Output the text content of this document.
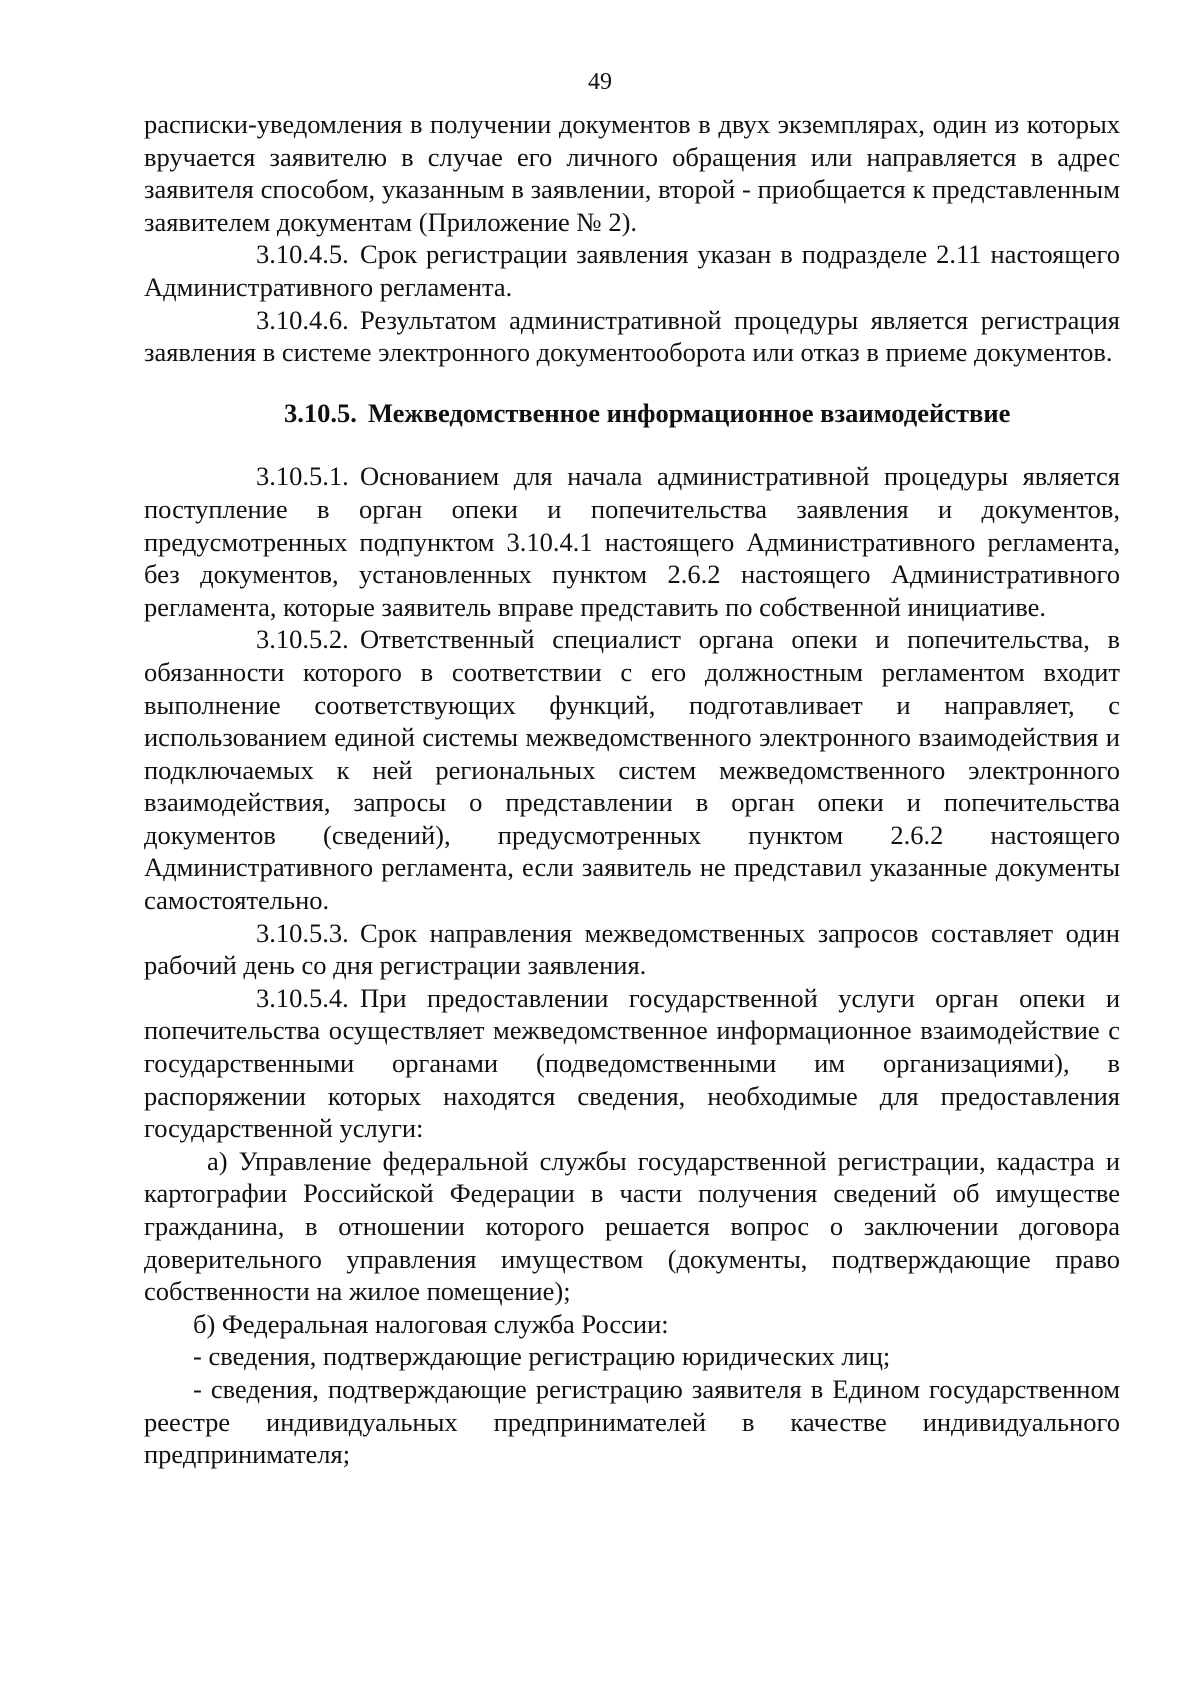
49

расписки-уведомления в получении документов в двух экземплярах, один из которых вручается заявителю в случае его личного обращения или направляется в адрес заявителя способом, указанным в заявлении, второй - приобщается к представленным заявителем документам (Приложение № 2).

3.10.4.5. Срок регистрации заявления указан в подразделе 2.11 настоящего Административного регламента.

3.10.4.6. Результатом административной процедуры является регистрация заявления в системе электронного документооборота или отказ в приеме документов.

3.10.5. Межведомственное информационное взаимодействие

3.10.5.1. Основанием для начала административной процедуры является поступление в орган опеки и попечительства заявления и документов, предусмотренных подпунктом 3.10.4.1 настоящего Административного регламента, без документов, установленных пунктом 2.6.2 настоящего Административного регламента, которые заявитель вправе представить по собственной инициативе.

3.10.5.2. Ответственный специалист органа опеки и попечительства, в обязанности которого в соответствии с его должностным регламентом входит выполнение соответствующих функций, подготавливает и направляет, с использованием единой системы межведомственного электронного взаимодействия и подключаемых к ней региональных систем межведомственного электронного взаимодействия, запросы о представлении в орган опеки и попечительства документов (сведений), предусмотренных пунктом 2.6.2 настоящего Административного регламента, если заявитель не представил указанные документы самостоятельно.

3.10.5.3. Срок направления межведомственных запросов составляет один рабочий день со дня регистрации заявления.

3.10.5.4. При предоставлении государственной услуги орган опеки и попечительства осуществляет межведомственное информационное взаимодействие с государственными органами (подведомственными им организациями), в распоряжении которых находятся сведения, необходимые для предоставления государственной услуги:

а) Управление федеральной службы государственной регистрации, кадастра и картографии Российской Федерации в части получения сведений об имуществе гражданина, в отношении которого решается вопрос о заключении договора доверительного управления имуществом (документы, подтверждающие право собственности на жилое помещение);

б) Федеральная налоговая служба России:

- сведения, подтверждающие регистрацию юридических лиц;

- сведения, подтверждающие регистрацию заявителя в Едином государственном реестре индивидуальных предпринимателей в качестве индивидуального предпринимателя;
